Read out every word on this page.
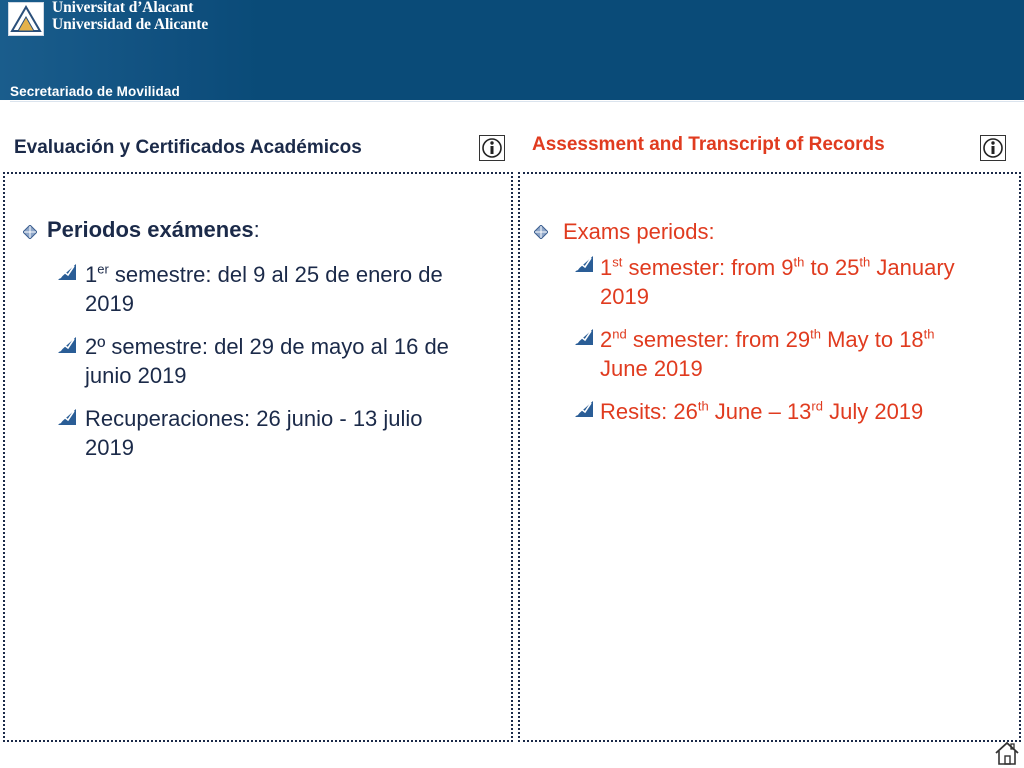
Universitat d’Alacant
Universidad de Alicante
Secretariado de Movilidad
Evaluación y Certificados Académicos	Assessment and Transcript of Records
Periodos exámenes:
1er semestre: del 9 al 25 de enero de
2019
2º semestre: del 29 de mayo al 16 de
junio 2019
Recuperaciones: 26 junio - 13 julio
2019
Exams periods:
1st semester: from 9th to 25th January
2019
2nd semester: from 29th May to 18th
June 2019
Resits: 26th June – 13rd July 2019
